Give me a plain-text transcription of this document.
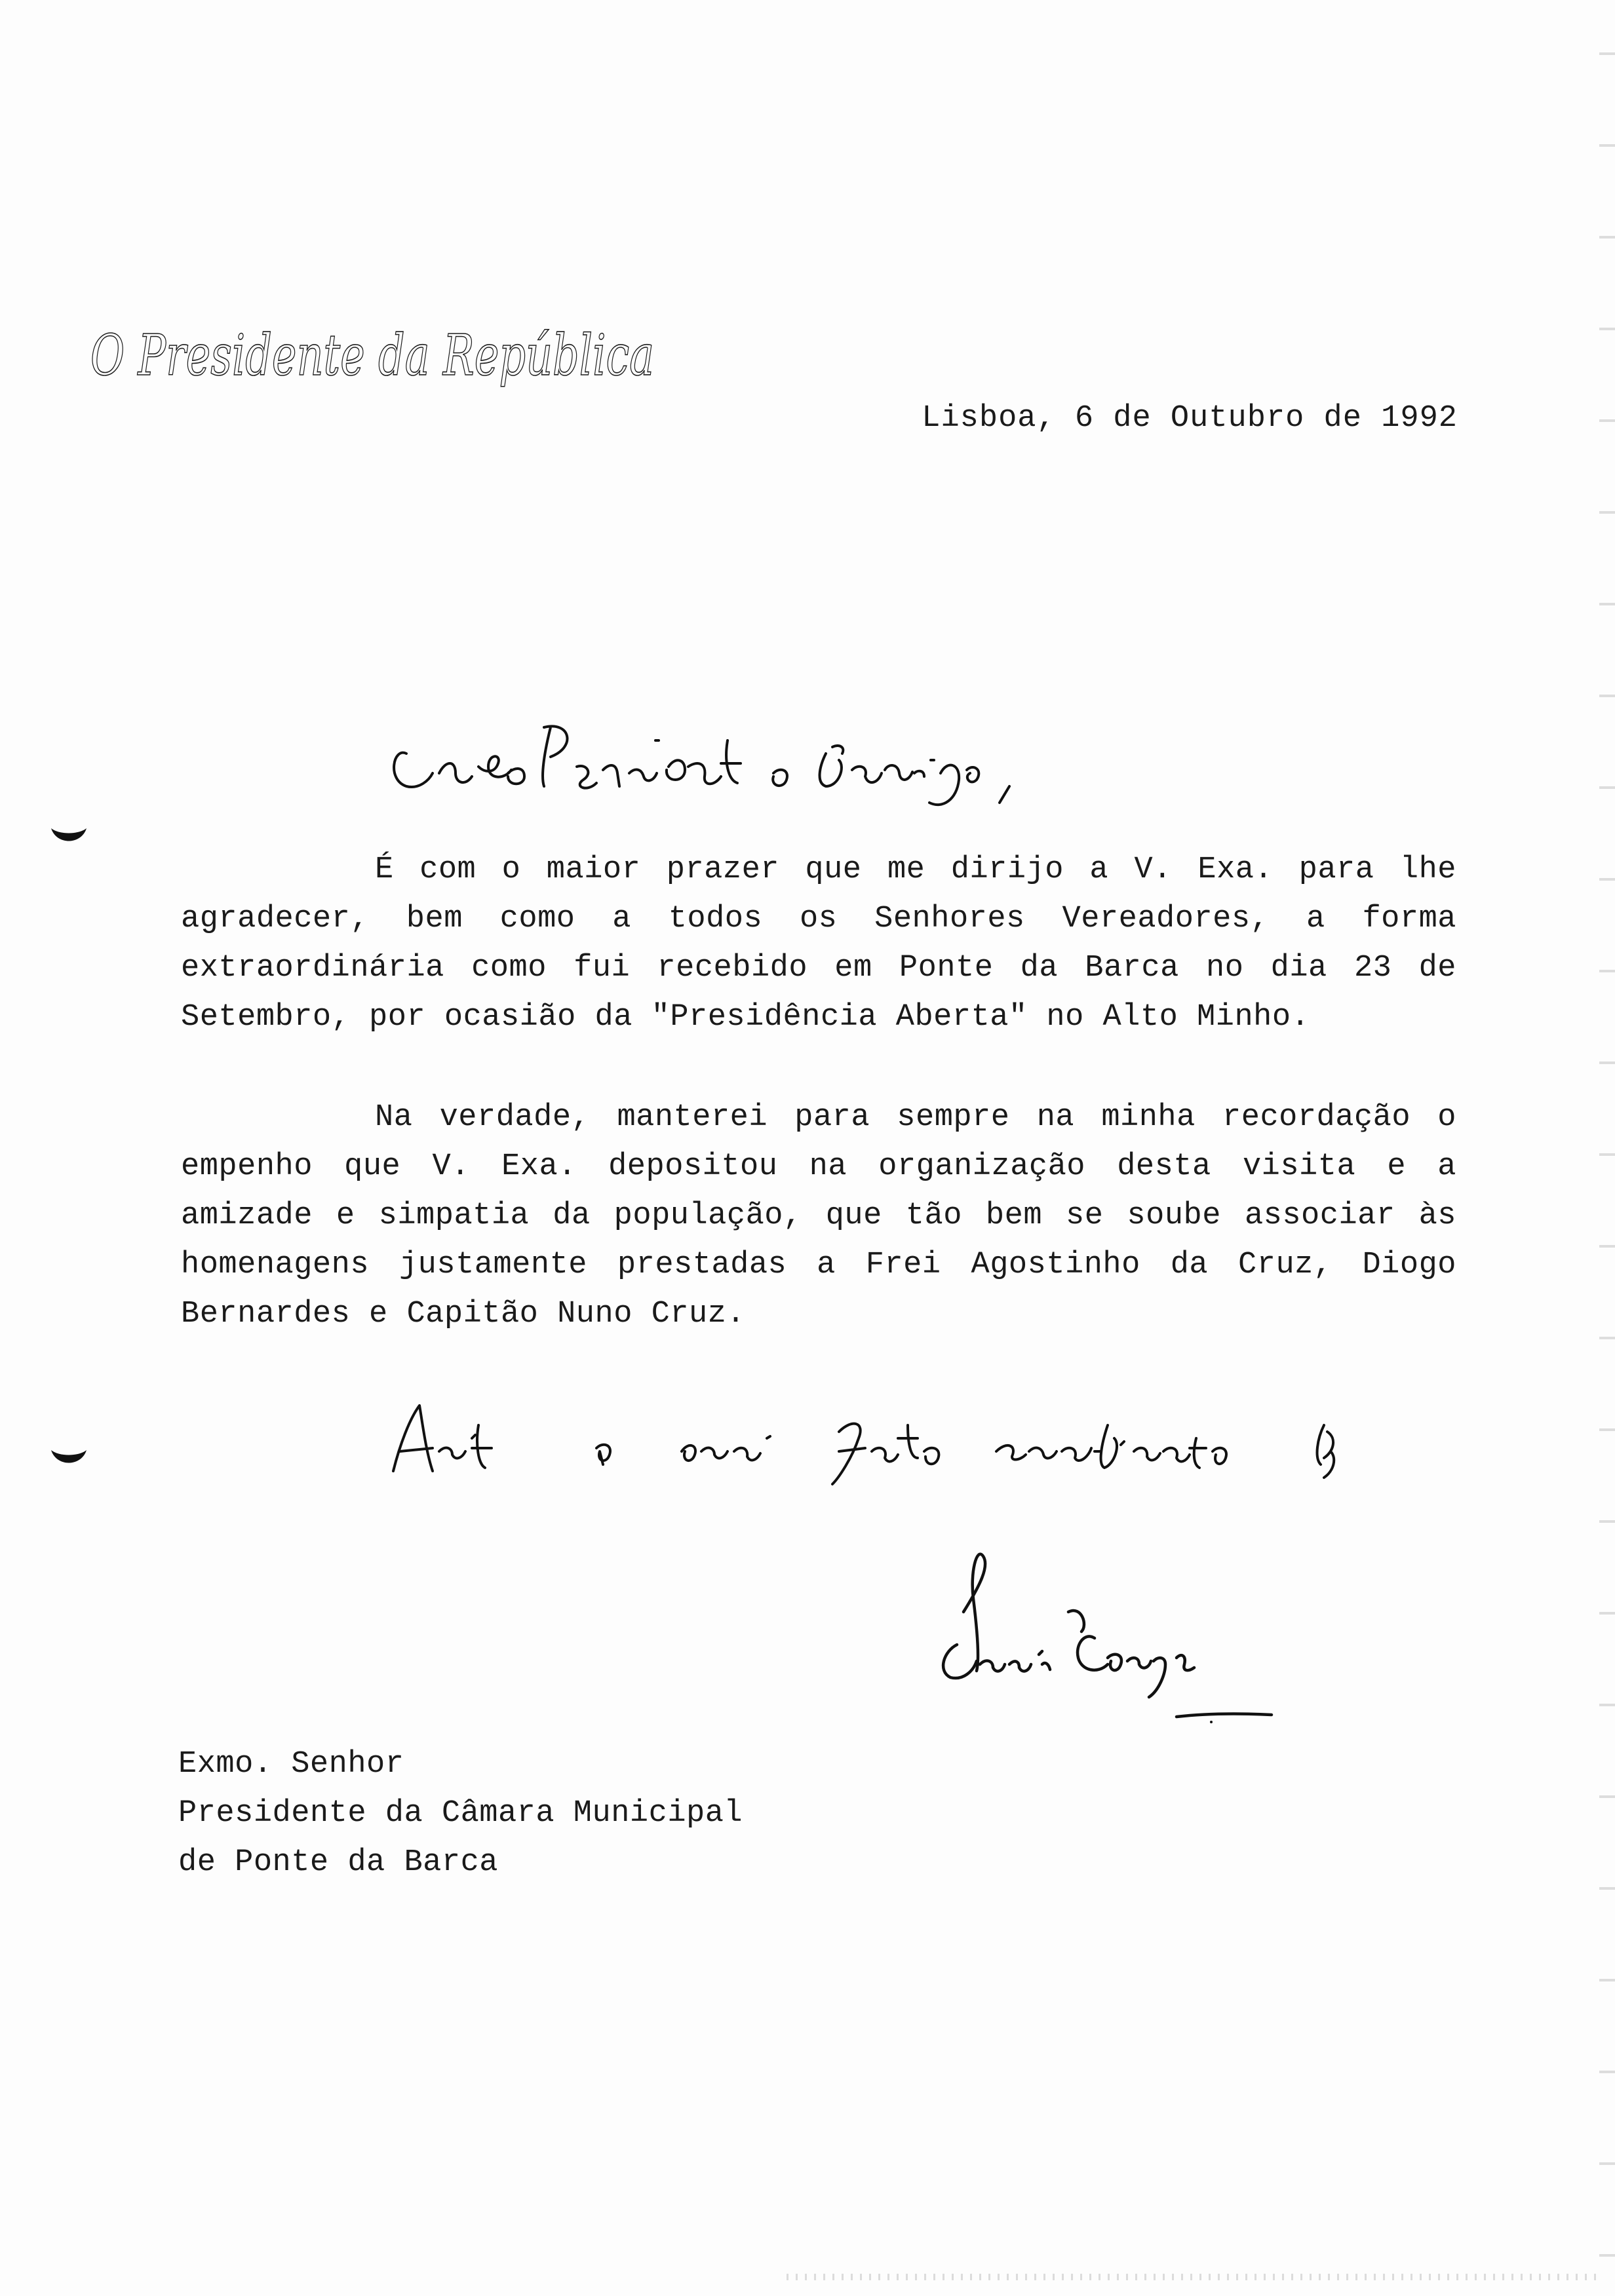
O Presidente da República
Lisboa, 6 de Outubro de 1992
É com o maior prazer que me dirijo a V. Exa. para lhe agradecer, bem como a todos os Senhores Vereadores, a forma extraordinária como fui recebido em Ponte da Barca no dia 23 de Setembro, por ocasião da "Presidência Aberta" no Alto Minho.
Na verdade, manterei para sempre na minha recordação o empenho que V. Exa. depositou na organização desta visita e a amizade e simpatia da população, que tão bem se soube associar às homenagens justamente prestadas a Frei Agostinho da Cruz, Diogo Bernardes e Capitão Nuno Cruz.
Exmo. Senhor
Presidente da Câmara Municipal
de Ponte da Barca
